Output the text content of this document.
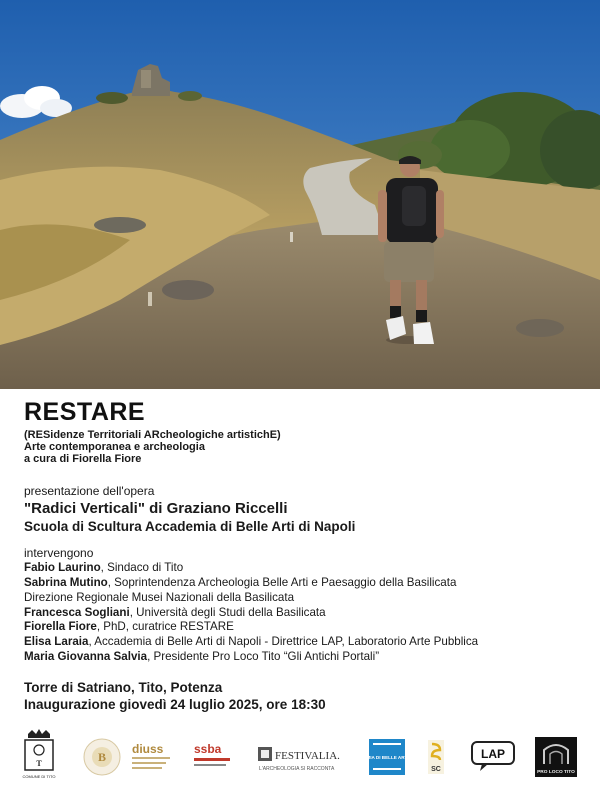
RESTARE
(RESidenze Territoriali ARcheologiche artistichE)
Arte contemporanea e archeologia
a cura di Fiorella Fiore
presentazione dell'opera
"Radici Verticali" di Graziano Riccelli
Scuola di Scultura Accademia di Belle Arti di Napoli
intervengono
Fabio Laurino, Sindaco di Tito
Sabrina Mutino, Soprintendenza Archeologia Belle Arti e Paesaggio della Basilicata
Direzione Regionale Musei Nazionali della Basilicata
Francesca Sogliani, Università degli Studi della Basilicata
Fiorella Fiore, PhD, curatrice RESTARE
Elisa Laraia, Accademia di Belle Arti di Napoli - Direttrice LAP, Laboratorio Arte Pubblica
Maria Giovanna Salvia, Presidente Pro Loco Tito “Gli Antichi Portali”
Torre di Satriano, Tito, Potenza
Inaugurazione giovedì 24 luglio 2025, ore 18:30
T
COMUNE DI TITO
B
diuss	ssba	FESTIVALIA.
L'ARCHEOLOGIA SI RACCONTA
ACCADEMIA DI BELLE ARTI NAPOLI
SC
LAP
PRO LOCO TITO
